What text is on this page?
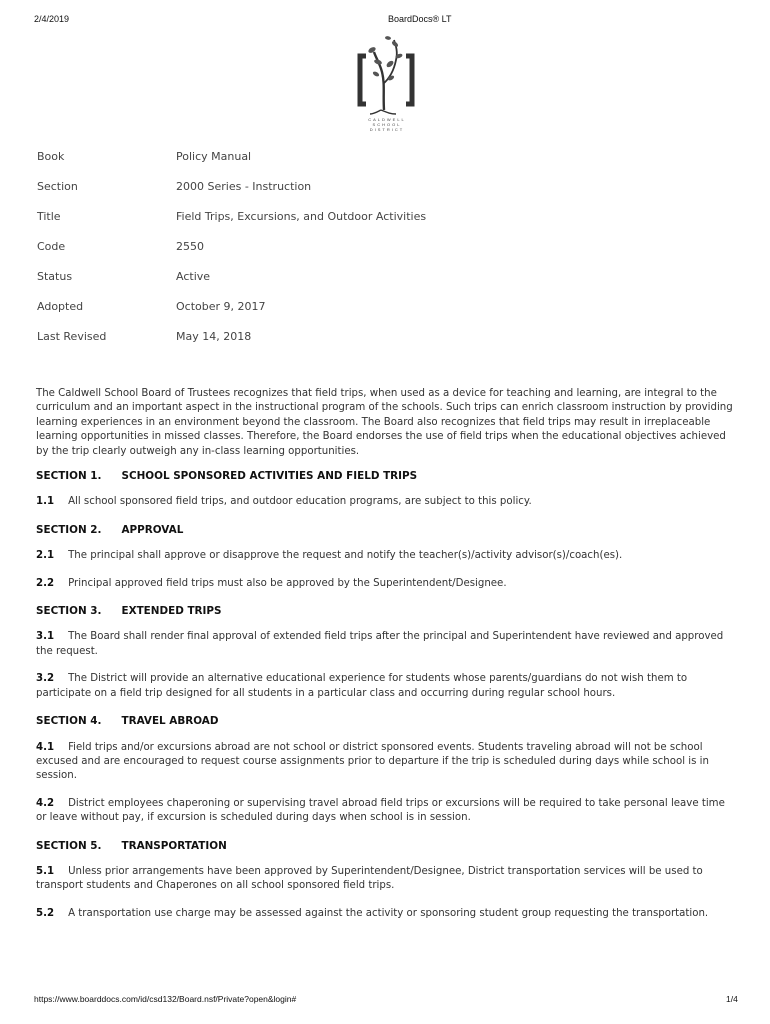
2/4/2019	BoardDocs® LT
CALDWELL
SCHOOL DISTRICT
Book	Policy Manual
Section	2000 Series - Instruction
Title	Field Trips, Excursions, and Outdoor Activities
Code	2550
Status	Active
Adopted	October 9, 2017
Last Revised	May 14, 2018

The Caldwell School Board of Trustees recognizes that field trips, when used as a device for teaching and learning, are integral to the curriculum and an important aspect in the instructional program of the schools. Such trips can enrich classroom instruction by providing learning experiences in an environment beyond the classroom. The Board also recognizes that field trips may result in irreplaceable learning opportunities in missed classes. Therefore, the Board endorses the use of field trips when the educational objectives achieved by the trip clearly outweigh any in-class learning opportunities.

SECTION 1. SCHOOL SPONSORED ACTIVITIES AND FIELD TRIPS

1.1 All school sponsored field trips, and outdoor education programs, are subject to this policy.

SECTION 2. APPROVAL

2.1 The principal shall approve or disapprove the request and notify the teacher(s)/activity advisor(s)/coach(es).

2.2 Principal approved field trips must also be approved by the Superintendent/Designee.

SECTION 3. EXTENDED TRIPS

3.1 The Board shall render final approval of extended field trips after the principal and Superintendent have reviewed and approved the request.

3.2 The District will provide an alternative educational experience for students whose parents/guardians do not wish them to participate on a field trip designed for all students in a particular class and occurring during regular school hours.

SECTION 4. TRAVEL ABROAD

4.1 Field trips and/or excursions abroad are not school or district sponsored events. Students traveling abroad will not be school excused and are encouraged to request course assignments prior to departure if the trip is scheduled during days while school is in session.

4.2 District employees chaperoning or supervising travel abroad field trips or excursions will be required to take personal leave time or leave without pay, if excursion is scheduled during days when school is in session.

SECTION 5. TRANSPORTATION

5.1 Unless prior arrangements have been approved by Superintendent/Designee, District transportation services will be used to transport students and Chaperones on all school sponsored field trips.

5.2 A transportation use charge may be assessed against the activity or sponsoring student group requesting the transportation.

https://www.boarddocs.com/id/csd132/Board.nsf/Private?open&login#	1/4
